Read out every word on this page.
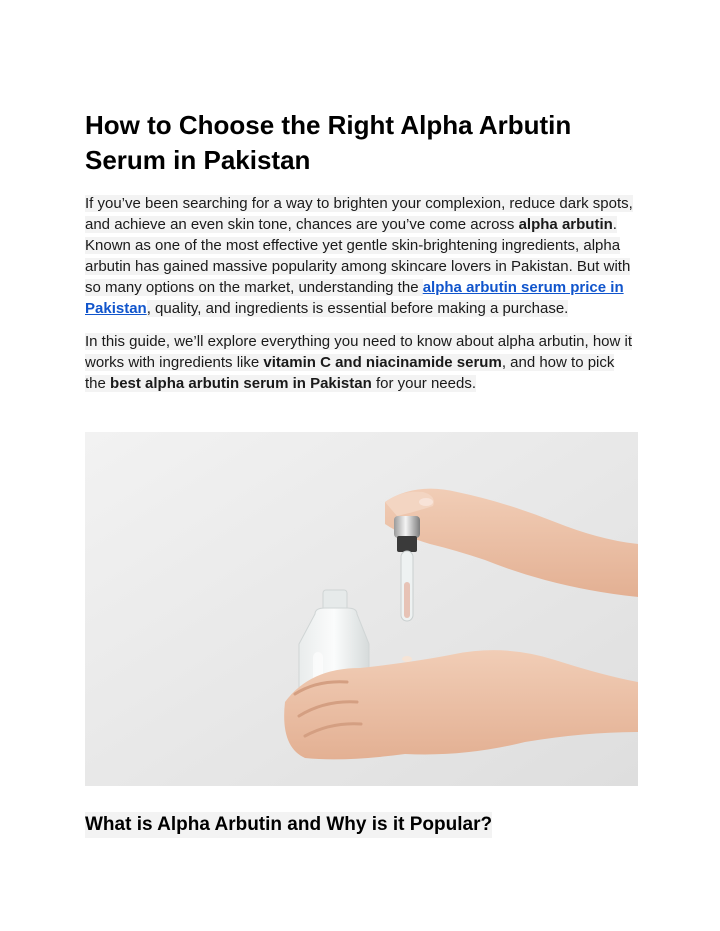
How to Choose the Right Alpha Arbutin Serum in Pakistan

If you’ve been searching for a way to brighten your complexion, reduce dark spots, and achieve an even skin tone, chances are you’ve come across alpha arbutin. Known as one of the most effective yet gentle skin-brightening ingredients, alpha arbutin has gained massive popularity among skincare lovers in Pakistan. But with so many options on the market, understanding the alpha arbutin serum price in Pakistan, quality, and ingredients is essential before making a purchase.

In this guide, we’ll explore everything you need to know about alpha arbutin, how it works with ingredients like vitamin C and niacinamide serum, and how to pick the best alpha arbutin serum in Pakistan for your needs.

What is Alpha Arbutin and Why is it Popular?
